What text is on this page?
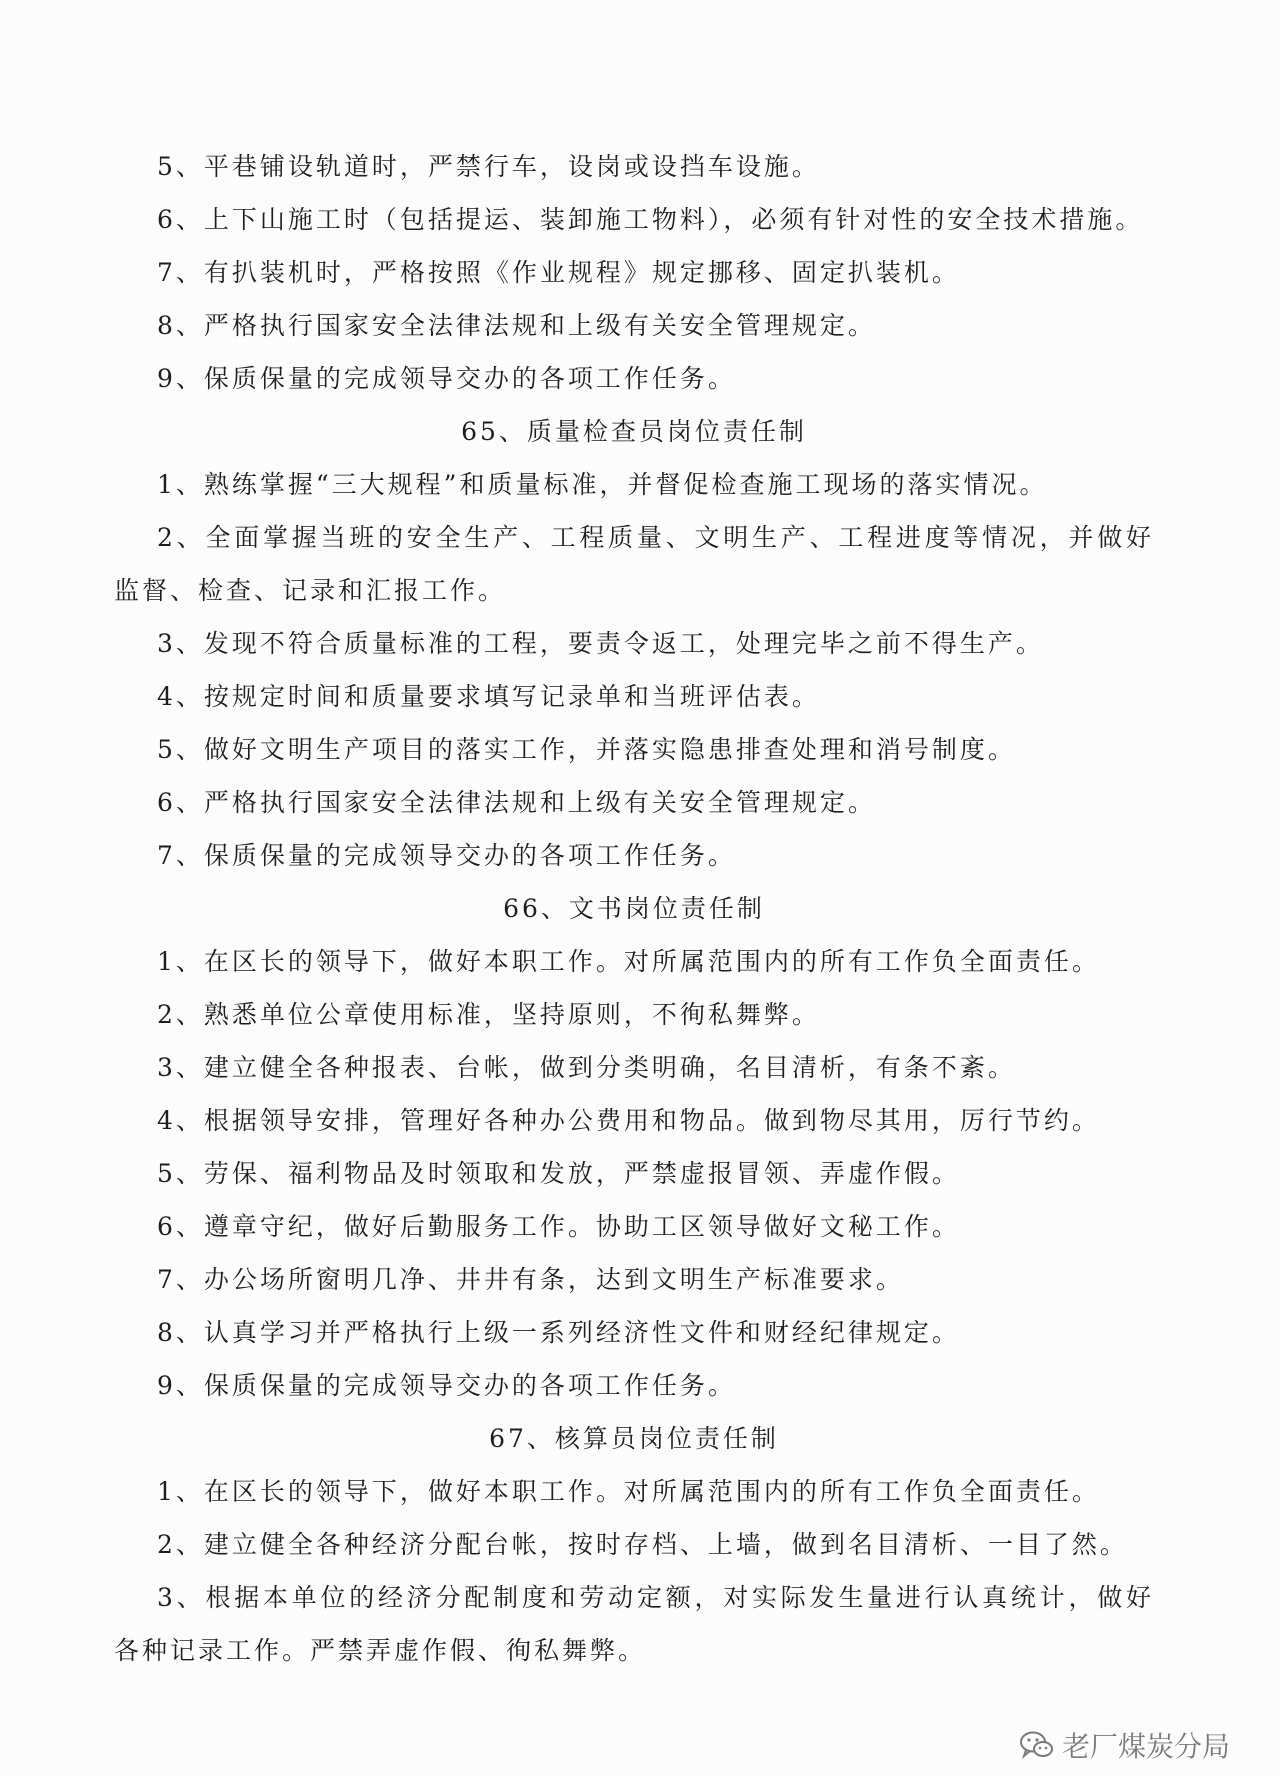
5、平巷铺设轨道时，严禁行车，设岗或设挡车设施。
6、上下山施工时（包括提运、装卸施工物料），必须有针对性的安全技术措施。
7、有扒装机时，严格按照《作业规程》规定挪移、固定扒装机。
8、严格执行国家安全法律法规和上级有关安全管理规定。
9、保质保量的完成领导交办的各项工作任务。
65、质量检查员岗位责任制
1、熟练掌握“三大规程”和质量标准，并督促检查施工现场的落实情况。
2、全面掌握当班的安全生产、工程质量、文明生产、工程进度等情况，并做好
监督、检查、记录和汇报工作。
3、发现不符合质量标准的工程，要责令返工，处理完毕之前不得生产。
4、按规定时间和质量要求填写记录单和当班评估表。
5、做好文明生产项目的落实工作，并落实隐患排查处理和消号制度。
6、严格执行国家安全法律法规和上级有关安全管理规定。
7、保质保量的完成领导交办的各项工作任务。
66、文书岗位责任制
1、在区长的领导下，做好本职工作。对所属范围内的所有工作负全面责任。
2、熟悉单位公章使用标准，坚持原则，不徇私舞弊。
3、建立健全各种报表、台帐，做到分类明确，名目清析，有条不紊。
4、根据领导安排，管理好各种办公费用和物品。做到物尽其用，厉行节约。
5、劳保、福利物品及时领取和发放，严禁虚报冒领、弄虚作假。
6、遵章守纪，做好后勤服务工作。协助工区领导做好文秘工作。
7、办公场所窗明几净、井井有条，达到文明生产标准要求。
8、认真学习并严格执行上级一系列经济性文件和财经纪律规定。
9、保质保量的完成领导交办的各项工作任务。
67、核算员岗位责任制
1、在区长的领导下，做好本职工作。对所属范围内的所有工作负全面责任。
2、建立健全各种经济分配台帐，按时存档、上墙，做到名目清析、一目了然。
3、根据本单位的经济分配制度和劳动定额，对实际发生量进行认真统计，做好
各种记录工作。严禁弄虚作假、徇私舞弊。
老厂煤炭分局
